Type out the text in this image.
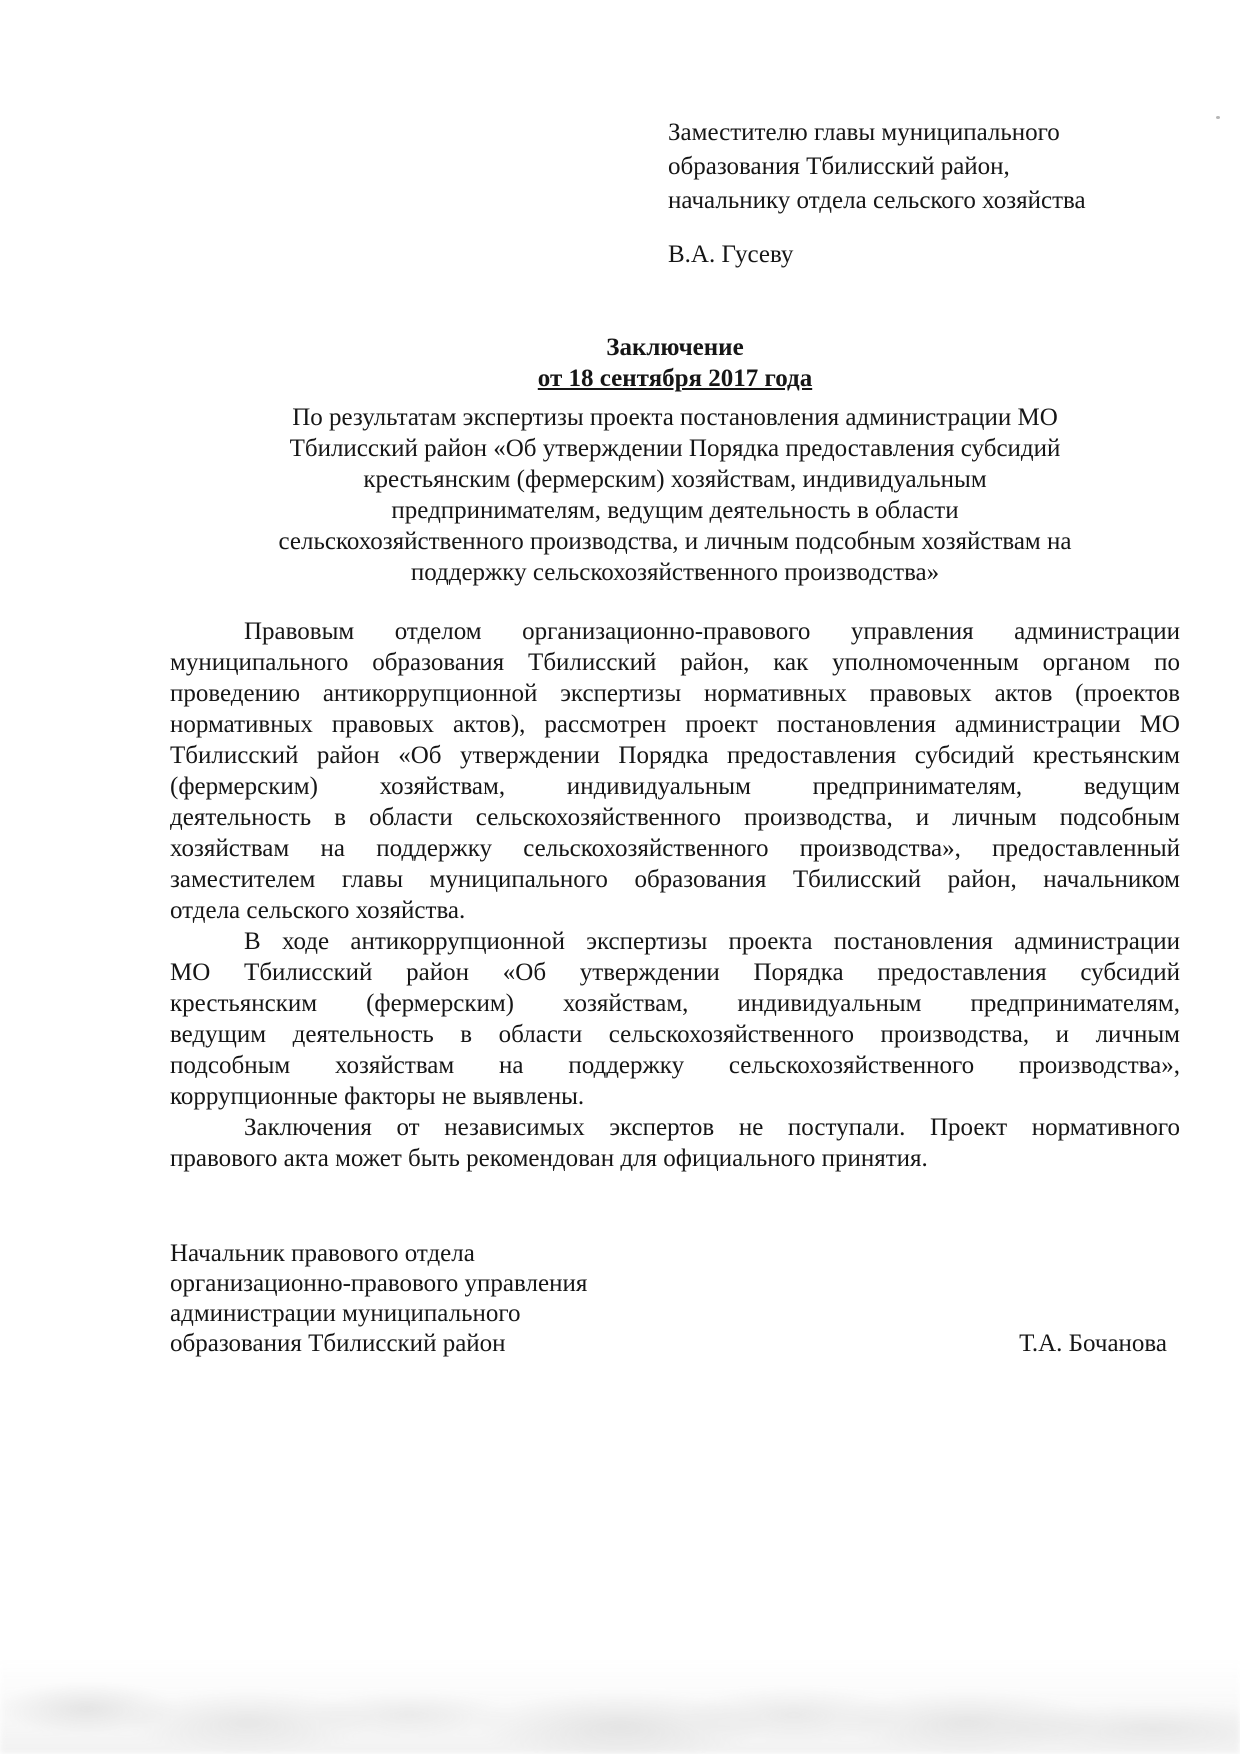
Заместителю главы муниципального
образования Тбилисский район,
начальнику отдела сельского хозяйства
В.А. Гусеву
Заключение
от 18 сентября 2017 года
По результатам экспертизы проекта постановления администрации МО
Тбилисский район «Об утверждении Порядка предоставления субсидий
крестьянским (фермерским) хозяйствам, индивидуальным
предпринимателям, ведущим деятельность в области
сельскохозяйственного производства, и личным подсобным хозяйствам на
поддержку сельскохозяйственного производства»
Правовым отделом организационно-правового управления администрации
муниципального образования Тбилисский район, как уполномоченным органом по
проведению антикоррупционной экспертизы нормативных правовых актов (проектов
нормативных правовых актов), рассмотрен проект постановления администрации МО
Тбилисский район «Об утверждении Порядка предоставления субсидий крестьянским
(фермерским) хозяйствам, индивидуальным предпринимателям, ведущим
деятельность в области сельскохозяйственного производства, и личным подсобным
хозяйствам на поддержку сельскохозяйственного производства», предоставленный
заместителем главы муниципального образования Тбилисский район, начальником
отдела сельского хозяйства.
В ходе антикоррупционной экспертизы проекта постановления администрации
МО Тбилисский район «Об утверждении Порядка предоставления субсидий
крестьянским (фермерским) хозяйствам, индивидуальным предпринимателям,
ведущим деятельность в области сельскохозяйственного производства, и личным
подсобным хозяйствам на поддержку сельскохозяйственного производства»,
коррупционные факторы не выявлены.
Заключения от независимых экспертов не поступали. Проект нормативного
правового акта может быть рекомендован для официального принятия.
Начальник правового отдела
организационно-правового управления
администрации муниципального
образования Тбилисский район	Т.А. Бочанова
